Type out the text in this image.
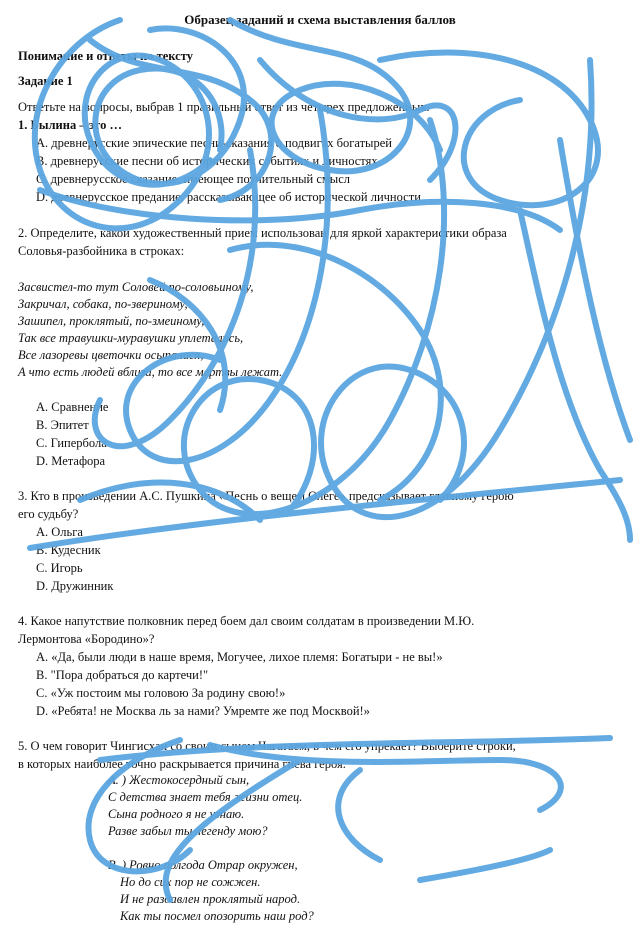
Образец заданий и схема выставления баллов
Понимание и ответы по тексту
Задание 1
Ответьте на вопросы, выбрав 1 правильный ответ из четырех предложенных.
1. Былина – это …
A. древнерусские эпические песни-сказания о подвигах богатырей
B. древнерусские песни об исторических событиях и личностях
C. древнерусское сказание, имеющее поучительный смысл
D. древнерусское предание, рассказывающее об исторической личности
2. Определите, какой художественный прием использован для яркой характеристики образа
Соловья-разбойника в строках:
Засвистел-то тут Соловей по-соловьиному,
Закричал, собака, по-звериному,
Зашипел, проклятый, по-змеиному,
Так все травушки-муравушки уплетались,
Все лазоревы цветочки осыпалися,
А что есть людей вблизи, то все мертвы лежат.
A. Сравнение
B. Эпитет
C. Гипербола
D. Метафора
3. Кто в произведении А.С. Пушкина «Песнь о вещем Олеге» предсказывает главному герою
его судьбу?
A. Ольга
B. Кудесник
C. Игорь
D. Дружинник
4. Какое напутствие полковник перед боем дал своим солдатам в произведении М.Ю.
Лермонтова «Бородино»?
A. «Да, были люди в наше время, Могучее, лихое племя: Богатыри - не вы!»
B. "Пора добраться до картечи!"
C. «Уж постоим мы головою За родину свою!»
D. «Ребята! не Москва ль за нами? Умремте же под Москвой!»
5. О чем говорит Чингисхан со своим сыном Чагатаем, в чем его упрекает? Выберите строки,
в которых наиболее точно раскрывается причина гнева героя.
А. ) Жестокосердный сын,
С детства знает тебя жизни отец.
Сына родного я не узнаю.
Разве забыл ты легенду мою?
В. ) Ровно полгода Отрар окружен,
Но до сих пор не сожжен.
И не раздавлен проклятый народ.
Как ты посмел опозорить наш род?
